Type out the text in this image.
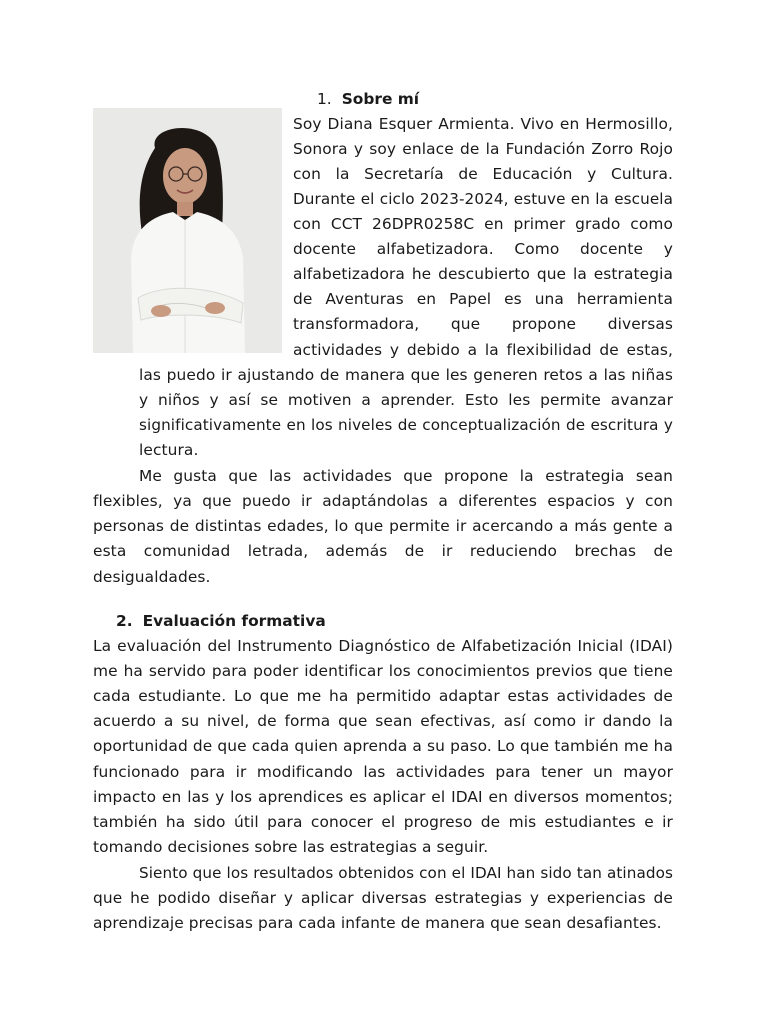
1. Sobre mí
Soy Diana Esquer Armienta. Vivo en Hermosillo,
Sonora y soy enlace de la Fundación Zorro Rojo
con la Secretaría de Educación y Cultura.
Durante el ciclo 2023-2024, estuve en la escuela
con CCT 26DPR0258C en primer grado como
docente alfabetizadora. Como docente y
alfabetizadora he descubierto que la estrategia
de Aventuras en Papel es una herramienta
transformadora, que propone diversas
actividades y debido a la flexibilidad de estas,
las puedo ir ajustando de manera que les generen retos a las niñas
y niños y así se motiven a aprender. Esto les permite avanzar
significativamente en los niveles de conceptualización de escritura y
lectura.
Me gusta que las actividades que propone la estrategia sean
flexibles, ya que puedo ir adaptándolas a diferentes espacios y con
personas de distintas edades, lo que permite ir acercando a más gente a
esta comunidad letrada, además de ir reduciendo brechas de
desigualdades.
2. Evaluación formativa
La evaluación del Instrumento Diagnóstico de Alfabetización Inicial (IDAI)
me ha servido para poder identificar los conocimientos previos que tiene
cada estudiante. Lo que me ha permitido adaptar estas actividades de
acuerdo a su nivel, de forma que sean efectivas, así como ir dando la
oportunidad de que cada quien aprenda a su paso. Lo que también me ha
funcionado para ir modificando las actividades para tener un mayor
impacto en las y los aprendices es aplicar el IDAI en diversos momentos;
también ha sido útil para conocer el progreso de mis estudiantes e ir
tomando decisiones sobre las estrategias a seguir.
Siento que los resultados obtenidos con el IDAI han sido tan atinados
que he podido diseñar y aplicar diversas estrategias y experiencias de
aprendizaje precisas para cada infante de manera que sean desafiantes.
